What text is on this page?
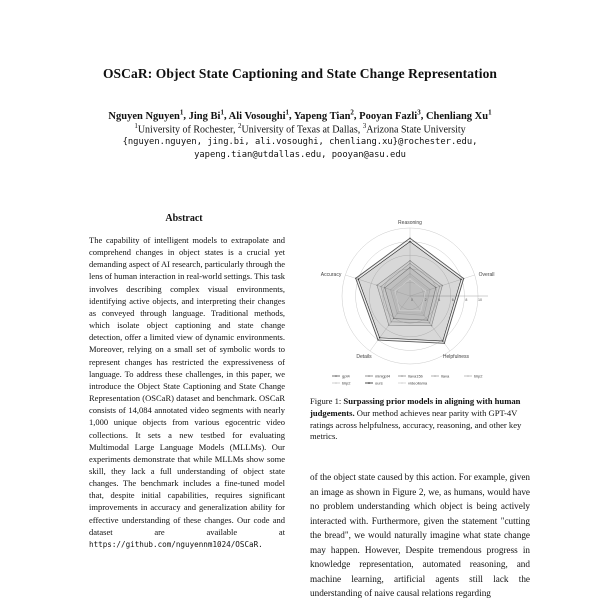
OSCaR: Object State Captioning and State Change Representation
Nguyen Nguyen$^1$, Jing Bi$^1$, Ali Vosoughi$^1$, Yapeng Tian$^2$, Pooyan Fazli$^3$, Chenliang Xu$^1$
$^1$University of Rochester, $^2$University of Texas at Dallas, $^3$Arizona State University
{nguyen.nguyen, jing.bi, ali.vosoughi, chenliang.xu}@rochester.edu,
yapeng.tian@utdallas.edu, pooyan@asu.edu
Abstract
The capability of intelligent models to extrapolate and comprehend changes in object states is a crucial yet demanding aspect of AI research, particularly through the lens of human interaction in real-world settings. This task involves describing complex visual environments, identifying active objects, and interpreting their changes as conveyed through language. Traditional methods, which isolate object captioning and state change detection, offer a limited view of dynamic environments. Moreover, relying on a small set of symbolic words to represent changes has restricted the expressiveness of language. To address these challenges, in this paper, we introduce the Object State Captioning and State Change Representation (OSCaR) dataset and benchmark. OSCaR consists of 14,084 annotated video segments with nearly 1,000 unique objects from various egocentric video collections. It sets a new testbed for evaluating Multimodal Large Language Models (MLLMs). Our experiments demonstrate that while MLLMs show some skill, they lack a full understanding of object state changes. The benchmark includes a fine-tuned model that, despite initial capabilities, requires significant improvements in accuracy and generalization ability for effective understanding of these changes. Our code and dataset are available at https://github.com/nguyennm1024/OSCaR.
0	2	4	6	8	10
Reasoning
Overall
Helpfulness
Details
Accuracy
gpt4	minigpt4	llava15b	llava	blip2
blip2	ours	videollama
Figure 1: Surpassing prior models in aligning with human judgements. Our method achieves near parity with GPT-4V ratings across helpfulness, accuracy, reasoning, and other key metrics.
of the object state caused by this action. For example, given an image as shown in Figure 2, we, as humans, would have no problem understanding which object is being actively interacted with. Furthermore, given the statement "cutting the bread", we would naturally imagine what state change may happen. However, Despite tremendous progress in knowledge representation, automated reasoning, and machine learning, artificial agents still lack the understanding of naive causal relations regarding
